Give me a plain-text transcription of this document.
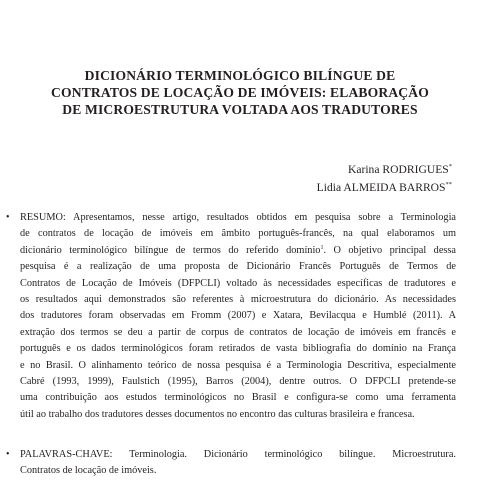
DICIONÁRIO TERMINOLÓGICO BILÍNGUE DE
CONTRATOS DE LOCAÇÃO DE IMÓVEIS: ELABORAÇÃO
DE MICROESTRUTURA VOLTADA AOS TRADUTORES
Karina RODRIGUES*
Lidia ALMEIDA BARROS**
• RESUMO: Apresentamos, nesse artigo, resultados obtidos em pesquisa sobre a Terminologia
de contratos de locação de imóveis em âmbito português-francês, na qual elaboramos um
dicionário terminológico bilíngue de termos do referido domínio$^1$. O objetivo principal dessa
pesquisa é a realização de uma proposta de Dicionário Francês Português de Termos de
Contratos de Locação de Imóveis (DFPCLI) voltado às necessidades específicas de tradutores e
os resultados aqui demonstrados são referentes à microestrutura do dicionário. As necessidades
dos tradutores foram observadas em Fromm (2007) e Xatara, Bevilacqua e Humblé (2011). A
extração dos termos se deu a partir de corpus de contratos de locação de imóveis em francês e
português e os dados terminológicos foram retirados de vasta bibliografia do domínio na França
e no Brasil. O alinhamento teórico de nossa pesquisa é a Terminologia Descritiva, especialmente
Cabré (1993, 1999), Faulstich (1995), Barros (2004), dentre outros. O DFPCLI pretende-se
uma contribuição aos estudos terminológicos no Brasil e configura-se como uma ferramenta
útil ao trabalho dos tradutores desses documentos no encontro das culturas brasileira e francesa.
• PALAVRAS-CHAVE: Terminologia. Dicionário terminológico bilíngue. Microestrutura.
Contratos de locação de imóveis.
